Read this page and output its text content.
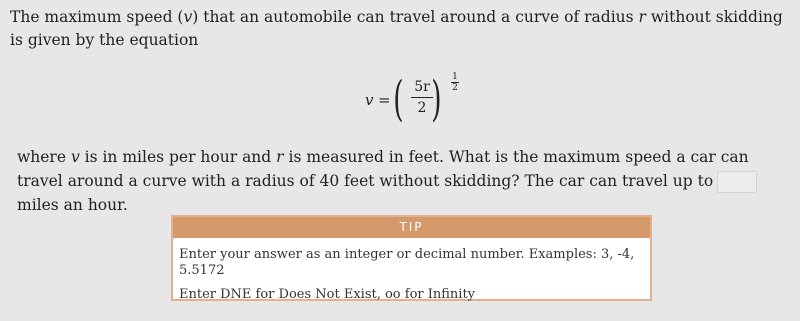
The maximum speed (v) that an automobile can travel around a curve of radius r without skidding is given by the equation
v = ( 5r
2 ) 1
2
where v is in miles per hour and r is measured in feet. What is the maximum speed a car can travel around a curve with a radius of 40 feet without skidding? The car can travel up tomiles an hour.
TIP
Enter your answer as an integer or decimal number. Examples: 3, -4, 5.5172
Enter DNE for Does Not Exist, oo for Infinity
